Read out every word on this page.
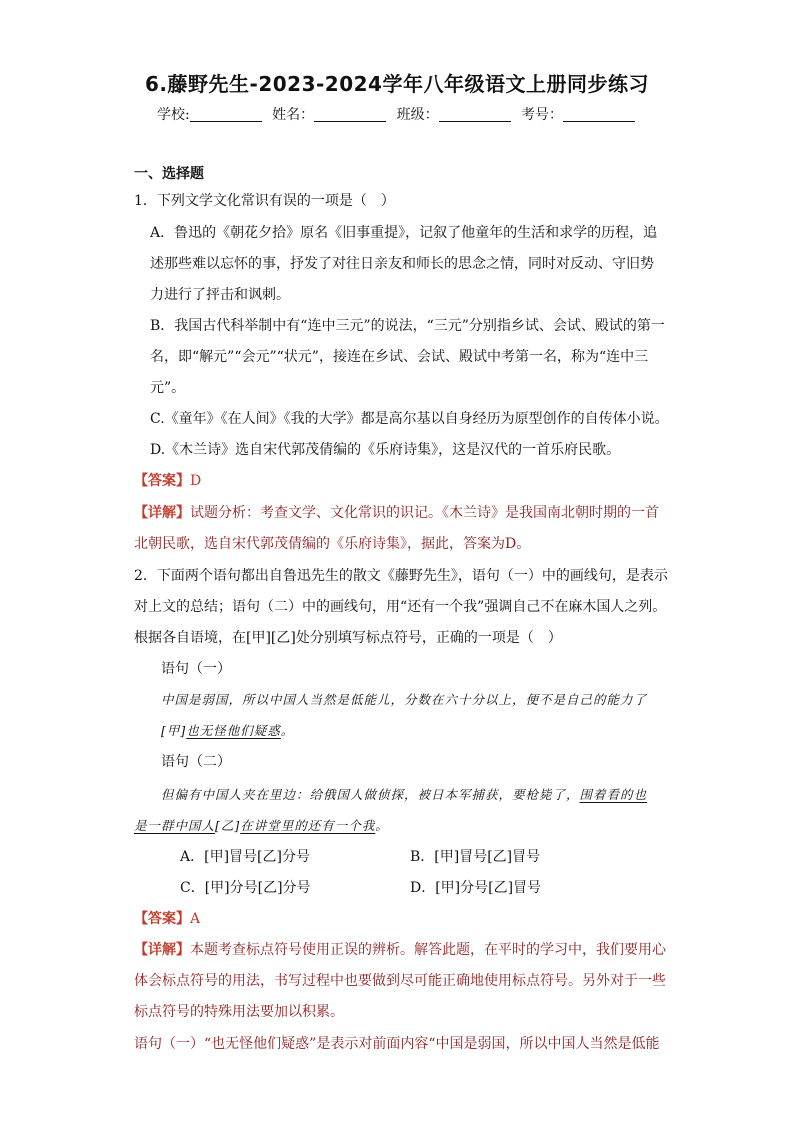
6.藤野先生-2023-2024学年八年级语文上册同步练习
学校:	姓名：	班级：	考号：
一、选择题
1．下列文学文化常识有误的一项是（　）
A．鲁迅的《朝花夕拾》原名《旧事重提》，记叙了他童年的生活和求学的历程，追
述那些难以忘怀的事，抒发了对往日亲友和师长的思念之情，同时对反动、守旧势
力进行了抨击和讽刺。
B．我国古代科举制中有“连中三元”的说法，“三元”分别指乡试、会试、殿试的第一
名，即“解元”“会元”“状元”，接连在乡试、会试、殿试中考第一名，称为“连中三
元”。
C.《童年》《在人间》《我的大学》都是高尔基以自身经历为原型创作的自传体小说。
D.《木兰诗》选自宋代郭茂倩编的《乐府诗集》，这是汉代的一首乐府民歌。
【答案】D
【详解】试题分析：考查文学、文化常识的识记。《木兰诗》是我国南北朝时期的一首
北朝民歌，选自宋代郭茂倩编的《乐府诗集》，据此，答案为D。
2．下面两个语句都出自鲁迅先生的散文《藤野先生》，语句（一）中的画线句，是表示
对上文的总结；语句（二）中的画线句，用“还有一个我”强调自己不在麻木国人之列。
根据各自语境，在[甲][乙]处分别填写标点符号，正确的一项是（　）
语句（一）
中国是弱国，所以中国人当然是低能儿，分数在六十分以上，便不是自己的能力了
[甲]也无怪他们疑惑。
语句（二）
但偏有中国人夹在里边：给俄国人做侦探，被日本军捕获，要枪毙了，围着看的也
是一群中国人[乙]在讲堂里的还有一个我。
A．[甲]冒号[乙]分号	B．[甲]冒号[乙]冒号
C．[甲]分号[乙]分号	D．[甲]分号[乙]冒号
【答案】A
【详解】本题考查标点符号使用正误的辨析。解答此题，在平时的学习中，我们要用心
体会标点符号的用法，书写过程中也要做到尽可能正确地使用标点符号。另外对于一些
标点符号的特殊用法要加以积累。
语句（一）“也无怪他们疑惑”是表示对前面内容“中国是弱国，所以中国人当然是低能
